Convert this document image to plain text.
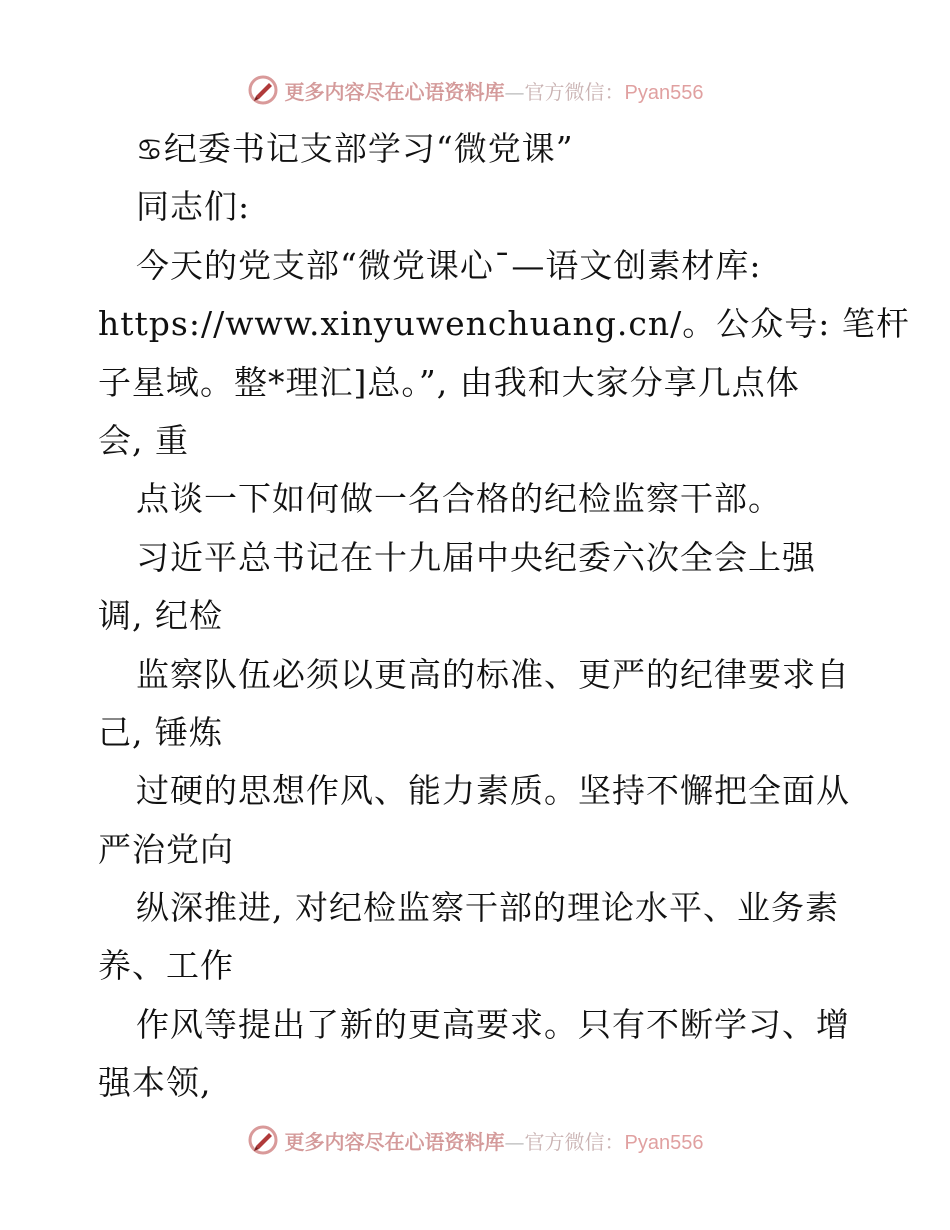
更多内容尽在心语资料库—官方微信：Pyan556
♋纪委书记支部学习“微党课”
同志们:
今天的党支部“微党课心¯—语文创素材库:
https://www.xinyuwenchuang.cn/。公众号: 笔杆
子星域。整*理汇]总。”, 由我和大家分享几点体
会, 重
点谈一下如何做一名合格的纪检监察干部。
习近平总书记在十九届中央纪委六次全会上强
调, 纪检
监察队伍必须以更高的标准、更严的纪律要求自
己, 锤炼
过硬的思想作风、能力素质。坚持不懈把全面从
严治党向
纵深推进, 对纪检监察干部的理论水平、业务素
养、工作
作风等提出了新的更高要求。只有不断学习、增
强本领,
更多内容尽在心语资料库—官方微信：Pyan556
